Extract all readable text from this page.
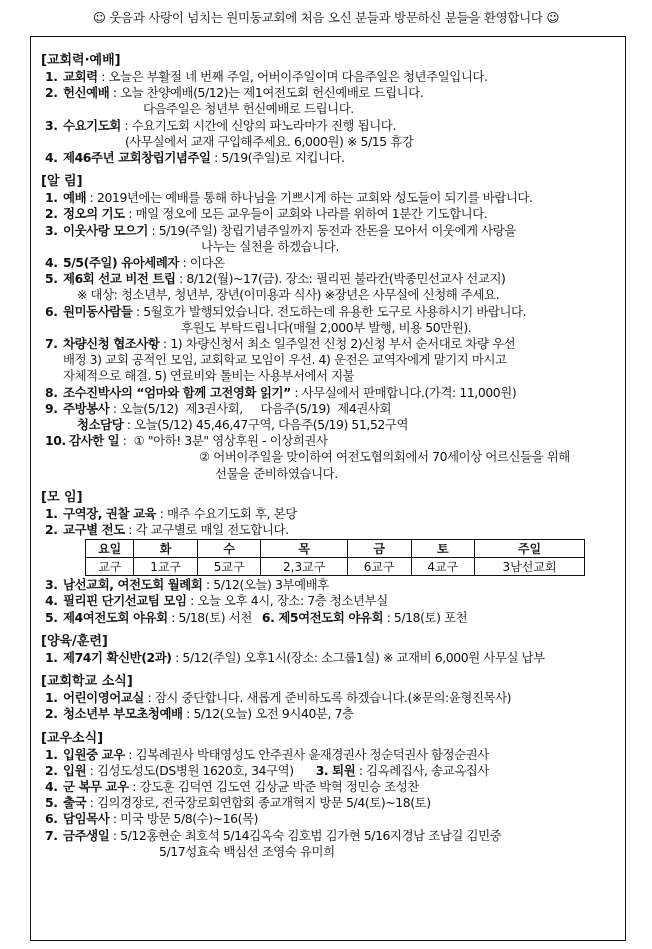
☺ 웃음과 사랑이 넘치는 원미동교회에 처음 오신 분들과 방문하신 분들을 환영합니다 ☺
[교회력·예배]
1. 교회력 : 오늘은 부활절 네 번째 주일, 어버이주일이며 다음주일은 청년주일입니다.
2. 헌신예배 : 오늘 찬양예배(5/12)는 제1여전도회 헌신예배로 드립니다.
다음주일은 청년부 헌신예배로 드립니다.
3. 수요기도회 : 수요기도회 시간에 신앙의 파노라마가 진행 됩니다.
(사무실에서 교재 구입해주세요. 6,000원) ※ 5/15 휴강
4. 제46주년 교회창립기념주일 : 5/19(주일)로 지킵니다.
[알 림]
1. 예배 : 2019년에는 예배를 통해 하나님을 기쁘시게 하는 교회와 성도들이 되기를 바랍니다.
2. 정오의 기도 : 매일 정오에 모든 교우들이 교회와 나라를 위하여 1분간 기도합니다.
3. 이웃사랑 모으기 : 5/19(주일) 창립기념주일까지 동전과 잔돈을 모아서 이웃에게 사랑을
나누는 실천을 하겠습니다.
4. 5/5(주일) 유아세례자 : 이다온
5. 제6회 선교 비전 트립 : 8/12(월)~17(금). 장소: 필리핀 불라칸(박종민선교사 선교지)
※ 대상: 청소년부, 청년부, 장년(이미용과 식사) ※장년은 사무실에 신청해 주세요.
6. 원미동사람들 : 5월호가 발행되었습니다. 전도하는데 유용한 도구로 사용하시기 바랍니다.
후원도 부탁드립니다(매월 2,000부 발행, 비용 50만원).
7. 차량신청 협조사항 : 1) 차량신청서 최소 일주일전 신청 2)신청 부서 순서대로 차량 우선
배정 3) 교회 공적인 모임, 교회학교 모임이 우선. 4) 운전은 교역자에게 맡기지 마시고
자체적으로 해결. 5) 연료비와 톨비는 사용부서에서 지불
8. 조수진박사의 “엄마와 함께 고전영화 읽기” : 사무실에서 판매합니다.(가격: 11,000원)
9. 주방봉사 : 오늘(5/12)  제3권사회,     다음주(5/19)  제4권사회
청소담당 : 오늘(5/12) 45,46,47구역, 다음주(5/19) 51,52구역
10. 감사한 일 :  ① "아하! 3분" 영상후원 - 이상희권사
② 어버이주일을 맞이하여 여전도협의회에서 70세이상 어르신들을 위해
선물을 준비하였습니다.
[모 임]
1. 구역장, 권찰 교육 : 매주 수요기도회 후, 본당
2. 교구별 전도 : 각 교구별로 매일 전도합니다.
요일	화	수	목	금	토	주일
교구	1교구	5교구	2,3교구	6교구	4교구	3남선교회
3. 남선교회, 여전도회 월례회 : 5/12(오늘) 3부예배후
4. 필리핀 단기선교팀 모임 : 오늘 오후 4시, 장소: 7층 청소년부실
5. 제4여전도회 야유회 : 5/18(토) 서천 6. 제5여전도회 야유회 : 5/18(토) 포천
[양육/훈련]
1. 제74기 확신반(2과) : 5/12(주일) 오후1시(장소: 소그룹1실) ※ 교재비 6,000원 사무실 납부
[교회학교 소식]
1. 어린이영어교실 : 잠시 중단합니다. 새롭게 준비하도록 하겠습니다.(※문의:윤형진목사)
2. 청소년부 부모초청예배 : 5/12(오늘) 오전 9시40분, 7층
[교우소식]
1. 입원중 교우 : 김복례권사 박태영성도 안주권사 윤재경권사 정순덕권사 함정순권사
2. 입원 : 김성도성도(DS병원 1620호, 34구역) 3. 퇴원 : 김옥례집사, 송교옥집사
4. 군 복무 교우 : 강도훈 김덕연 김도연 김상균 박준 박혁 정민승 조성찬
5. 출국 : 김의경장로, 전국장로회연합회 종교개혁지 방문 5/4(토)~18(토)
6. 담임목사 : 미국 방문 5/8(수)~16(목)
7. 금주생일 : 5/12홍현순 최호석 5/14김옥숙 김호범 김가현 5/16지경남 조남길 김민중
5/17성효숙 백심선 조영숙 유미희
